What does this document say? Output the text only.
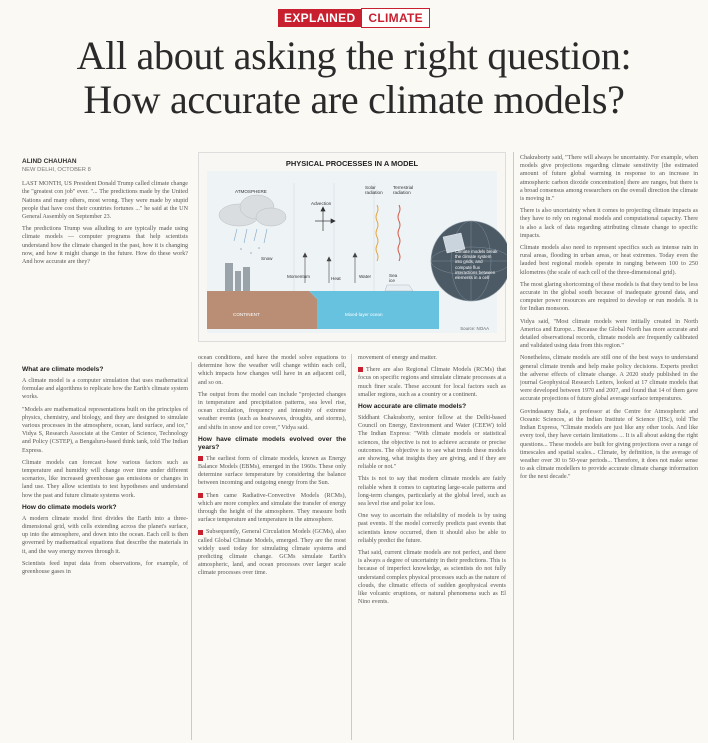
EXPLAINED CLIMATE
All about asking the right question:
How accurate are climate models?
ALIND CHAUHAN
NEW DELHI, OCTOBER 8

LAST MONTH, US President Donald Trump called climate change the "greatest con job" ever. "... The predictions made by the United Nations and many others, most wrong. They were made by stupid people that have cost their countries fortunes ..." he said at the UN General Assembly on September 23.

The predictions Trump was alluding to are typically made using climate models — computer programs that help scientists understand how the climate changed in the past, how it is changing now, and how it might change in the future. How do these work? And how accurate are they?

PHYSICAL PROCESSES IN A MODEL
ATMOSPHERE
Advection
Solar radiation
Terrestrial radiation
Snow
Momentum	Heat	Water	Sea ice
CONTINENT	Mixed-layer ocean
Climate models break the climate system into grids, and compute flux interactions between elements in a cell
Source: NOAA
What are climate models?

A climate model is a computer simulation that uses mathematical formulae and algorithms to replicate how the Earth's climate system works.

"Models are mathematical representations built on the principles of physics, chemistry, and biology, and they are designed to simulate various processes in the atmosphere, ocean, land surface, and ice," Vidya S, Research Associate at the Center of Science, Technology and Policy (CSTEP), a Bengaluru-based think tank, told The Indian Express.

Climate models can forecast how various factors such as temperature and humidity will change over time under different scenarios, like increased greenhouse gas emissions or changes in land use. They allow scientists to test hypotheses and understand how the past and future climate systems work.

How do climate models work?

A modern climate model first divides the Earth into a three-dimensional grid, with cells extending across the planet's surface, up into the atmosphere, and down into the ocean. Each cell is then governed by mathematical equations that describe the materials in it, and the way energy moves through it.

Scientists feed input data from observations, for example, of greenhouse gases in

ocean conditions, and have the model solve equations to determine how the weather will change within each cell, which impacts how changes will have in an adjacent cell, and so on.

The output from the model can include "projected changes in temperature and precipitation patterns, sea level rise, ocean circulation, frequency and intensity of extreme weather events (such as heatwaves, droughts, and storms), and shifts in snow and ice cover," Vidya said.

How have climate models evolved over the years?

The earliest form of climate models, known as Energy Balance Models (EBMs), emerged in the 1960s. These only determine surface temperature by considering the balance between incoming and outgoing energy from the Sun.

Then came Radiative-Convective Models (RCMs), which are more complex and simulate the transfer of energy through the height of the atmosphere. They measure both surface temperature and temperature in the atmosphere.

Subsequently, General Circulation Models (GCMs), also called Global Climate Models, emerged. They are the most widely used today for simulating climate systems and predicting climate change. GCMs simulate Earth's atmospheric, land, and ocean processes over larger scale climate processes over time.

movement of energy and matter.

There are also Regional Climate Models (RCMs) that focus on specific regions and simulate climate processes at a much finer scale. These account for local factors such as smaller regions, such as a country or a continent.

How accurate are climate models?

Siddhant Chakraborty, senior fellow at the Delhi-based Council on Energy, Environment and Water (CEEW) told The Indian Express: "With climate models or statistical sciences, the objective is not to achieve accurate or precise outcomes. The objective is to see what trends these models are showing, what insights they are giving, and if they are reliable or not."

This is not to say that modern climate models are fairly reliable when it comes to capturing large-scale patterns and long-term changes, particularly at the global level, such as sea level rise and polar ice loss.

One way to ascertain the reliability of models is by using past events. If the model correctly predicts past events that scientists know occurred, then it should also be able to reliably predict the future.

That said, current climate models are not perfect, and there is always a degree of uncertainty in their predictions. This is because of imperfect knowledge, as scientists do not fully understand complex physical processes such as the nature of clouds, the climatic effects of sudden geophysical events like volcanic eruptions, or natural phenomena such as El Nino events.

Chakraborty said, "There will always be uncertainty. For example, when models give projections regarding climate sensitivity [the estimated amount of future global warming in response to an increase in atmospheric carbon dioxide concentration] there are ranges, but there is a broad consensus among researchers on the overall direction the climate is moving in."

There is also uncertainty when it comes to projecting climate impacts as they have to rely on regional models and computational capacity. There is also a lack of data regarding attributing climate change to specific impacts.

Climate models also need to represent specifics such as intense rain in rural areas, flooding in urban areas, or heat extremes. Today even the lauded best regional models operate in ranging between 100 to 250 kilometres (the scale of each cell of the three-dimensional grid).

The most glaring shortcoming of these models is that they tend to be less accurate in the global south because of inadequate ground data, and computer power resources are required to develop or run models. It is for Indian monsoon.

Vidya said, "Most climate models were initially created in North America and Europe... Because the Global North has more accurate and detailed observational records, climate models are frequently calibrated and validated using data from this region."

Nonetheless, climate models are still one of the best ways to understand general climate trends and help make policy decisions. Experts predict the adverse effects of climate change. A 2020 study published in the journal Geophysical Research Letters, looked at 17 climate models that were developed between 1970 and 2007, and found that 14 of them gave accurate projections of future global average surface temperatures.

Govindasamy Bala, a professor at the Centre for Atmospheric and Oceanic Sciences, at the Indian Institute of Science (IISc), told The Indian Express, "Climate models are just like any other tools. And like every tool, they have certain limitations ... It is all about asking the right questions... These models are built for giving projections over a range of timescales and spatial scales... Climate, by definition, is the average of weather over 30 to 50-year periods... Therefore, it does not make sense to ask climate modellers to provide accurate climate change information for the next decade."
